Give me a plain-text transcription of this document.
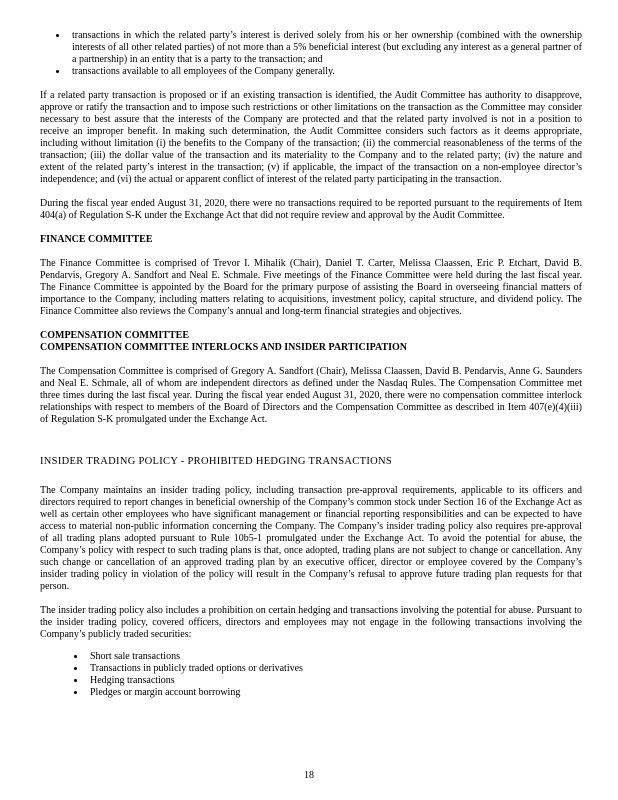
• transactions in which the related party’s interest is derived solely from his or her ownership (combined with the ownership interests of all other related parties) of not more than a 5% beneficial interest (but excluding any interest as a general partner of a partnership) in an entity that is a party to the transaction; and
• transactions available to all employees of the Company generally.

If a related party transaction is proposed or if an existing transaction is identified, the Audit Committee has authority to disapprove, approve or ratify the transaction and to impose such restrictions or other limitations on the transaction as the Committee may consider necessary to best assure that the interests of the Company are protected and that the related party involved is not in a position to receive an improper benefit. In making such determination, the Audit Committee considers such factors as it deems appropriate, including without limitation (i) the benefits to the Company of the transaction; (ii) the commercial reasonableness of the terms of the transaction; (iii) the dollar value of the transaction and its materiality to the Company and to the related party; (iv) the nature and extent of the related party’s interest in the transaction; (v) if applicable, the impact of the transaction on a non-employee director’s independence; and (vi) the actual or apparent conflict of interest of the related party participating in the transaction.

During the fiscal year ended August 31, 2020, there were no transactions required to be reported pursuant to the requirements of Item 404(a) of Regulation S-K under the Exchange Act that did not require review and approval by the Audit Committee.

FINANCE COMMITTEE

The Finance Committee is comprised of Trevor I. Mihalik (Chair), Daniel T. Carter, Melissa Claassen, Eric P. Etchart, David B. Pendarvis, Gregory A. Sandfort and Neal E. Schmale. Five meetings of the Finance Committee were held during the last fiscal year. The Finance Committee is appointed by the Board for the primary purpose of assisting the Board in overseeing financial matters of importance to the Company, including matters relating to acquisitions, investment policy, capital structure, and dividend policy. The Finance Committee also reviews the Company’s annual and long-term financial strategies and objectives.

COMPENSATION COMMITTEE
COMPENSATION COMMITTEE INTERLOCKS AND INSIDER PARTICIPATION

The Compensation Committee is comprised of Gregory A. Sandfort (Chair), Melissa Claassen, David B. Pendarvis, Anne G. Saunders and Neal E. Schmale, all of whom are independent directors as defined under the Nasdaq Rules. The Compensation Committee met three times during the last fiscal year. During the fiscal year ended August 31, 2020, there were no compensation committee interlock relationships with respect to members of the Board of Directors and the Compensation Committee as described in Item 407(e)(4)(iii) of Regulation S-K promulgated under the Exchange Act.

INSIDER TRADING POLICY - PROHIBITED HEDGING TRANSACTIONS

The Company maintains an insider trading policy, including transaction pre-approval requirements, applicable to its officers and directors required to report changes in beneficial ownership of the Company’s common stock under Section 16 of the Exchange Act as well as certain other employees who have significant management or financial reporting responsibilities and can be expected to have access to material non-public information concerning the Company. The Company’s insider trading policy also requires pre-approval of all trading plans adopted pursuant to Rule 10b5-1 promulgated under the Exchange Act. To avoid the potential for abuse, the Company’s policy with respect to such trading plans is that, once adopted, trading plans are not subject to change or cancellation. Any such change or cancellation of an approved trading plan by an executive officer, director or employee covered by the Company’s insider trading policy in violation of the policy will result in the Company’s refusal to approve future trading plan requests for that person.

The insider trading policy also includes a prohibition on certain hedging and transactions involving the potential for abuse. Pursuant to the insider trading policy, covered officers, directors and employees may not engage in the following transactions involving the Company’s publicly traded securities:

• Short sale transactions
• Transactions in publicly traded options or derivatives
• Hedging transactions
• Pledges or margin account borrowing
18
